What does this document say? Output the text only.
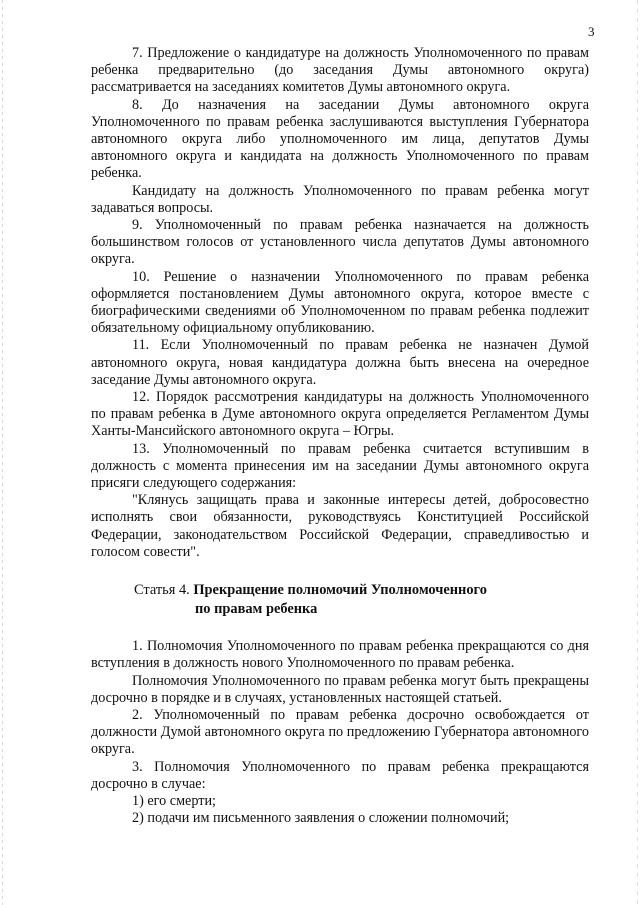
3

7. Предложение о кандидатуре на должность Уполномоченного по правам ребенка предварительно (до заседания Думы автономного округа) рассматривается на заседаниях комитетов Думы автономного округа.

8. До назначения на заседании Думы автономного округа Уполномоченного по правам ребенка заслушиваются выступления Губернатора автономного округа либо уполномоченного им лица, депутатов Думы автономного округа и кандидата на должность Уполномоченного по правам ребенка.

Кандидату на должность Уполномоченного по правам ребенка могут задаваться вопросы.

9. Уполномоченный по правам ребенка назначается на должность большинством голосов от установленного числа депутатов Думы автономного округа.

10. Решение о назначении Уполномоченного по правам ребенка оформляется постановлением Думы автономного округа, которое вместе с биографическими сведениями об Уполномоченном по правам ребенка подлежит обязательному официальному опубликованию.

11. Если Уполномоченный по правам ребенка не назначен Думой автономного округа, новая кандидатура должна быть внесена на очередное заседание Думы автономного округа.

12. Порядок рассмотрения кандидатуры на должность Уполномоченного по правам ребенка в Думе автономного округа определяется Регламентом Думы Ханты-Мансийского автономного округа – Югры.

13. Уполномоченный по правам ребенка считается вступившим в должность с момента принесения им на заседании Думы автономного округа присяги следующего содержания:

"Клянусь защищать права и законные интересы детей, добросовестно исполнять свои обязанности, руководствуясь Конституцией Российской Федерации, законодательством Российской Федерации, справедливостью и голосом совести".

Статья 4. Прекращение полномочий Уполномоченного

по правам ребенка

1. Полномочия Уполномоченного по правам ребенка прекращаются со дня вступления в должность нового Уполномоченного по правам ребенка.

Полномочия Уполномоченного по правам ребенка могут быть прекращены досрочно в порядке и в случаях, установленных настоящей статьей.

2. Уполномоченный по правам ребенка досрочно освобождается от должности Думой автономного округа по предложению Губернатора автономного округа.

3. Полномочия Уполномоченного по правам ребенка прекращаются досрочно в случае:

1) его смерти;

2) подачи им письменного заявления о сложении полномочий;
